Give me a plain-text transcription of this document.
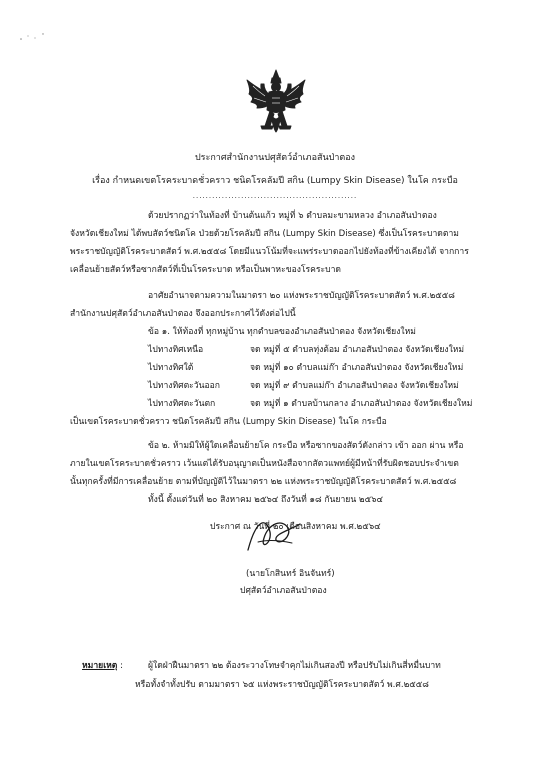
ประกาศสำนักงานปศุสัตว์อำเภอสันป่าตอง
เรื่อง กำหนดเขตโรคระบาดชั่วคราว ชนิดโรคลัมปี สกิน (Lumpy Skin Disease) ในโค กระบือ
...................................................
ด้วยปรากฏว่าในท้องที่ บ้านต้นแก้ว หมู่ที่ ๖ ตำบลมะขามหลวง อำเภอสันป่าตอง
จังหวัดเชียงใหม่ ได้พบสัตว์ชนิดโค ป่วยด้วยโรคลัมปี สกิน (Lumpy Skin Disease) ซึ่งเป็นโรคระบาดตาม
พระราชบัญญัติโรคระบาดสัตว์ พ.ศ.๒๕๕๘ โดยมีแนวโน้มที่จะแพร่ระบาดออกไปยังท้องที่ข้างเคียงได้ จากการ
เคลื่อนย้ายสัตว์หรือซากสัตว์ที่เป็นโรคระบาด หรือเป็นพาหะของโรคระบาด
อาศัยอำนาจตามความในมาตรา ๒๐ แห่งพระราชบัญญัติโรคระบาดสัตว์ พ.ศ.๒๕๕๘
สำนักงานปศุสัตว์อำเภอสันป่าตอง จึงออกประกาศไว้ดังต่อไปนี้
ข้อ ๑. ให้ท้องที่ ทุกหมู่บ้าน ทุกตำบลของอำเภอสันป่าตอง จังหวัดเชียงใหม่
ไปทางทิศเหนือ	จด หมู่ที่ ๕ ตำบลทุ่งต้อม อำเภอสันป่าตอง จังหวัดเชียงใหม่
ไปทางทิศใต้	จด หมู่ที่ ๑๐ ตำบลแม่ก๊า อำเภอสันป่าตอง จังหวัดเชียงใหม่
ไปทางทิศตะวันออก	จด หมู่ที่ ๙ ตำบลแม่ก๊า อำเภอสันป่าตอง จังหวัดเชียงใหม่
ไปทางทิศตะวันตก	จด หมู่ที่ ๑ ตำบลบ้านกลาง อำเภอสันป่าตอง จังหวัดเชียงใหม่
เป็นเขตโรคระบาดชั่วคราว ชนิดโรคลัมปี สกิน (Lumpy Skin Disease) ในโค กระบือ
ข้อ ๒. ห้ามมิให้ผู้ใดเคลื่อนย้ายโค กระบือ หรือซากของสัตว์ดังกล่าว เข้า ออก ผ่าน หรือ
ภายในเขตโรคระบาดชั่วคราว เว้นแต่ได้รับอนุญาตเป็นหนังสือจากสัตวแพทย์ผู้มีหน้าที่รับผิดชอบประจำเขต
นั้นทุกครั้งที่มีการเคลื่อนย้าย ตามที่บัญญัติไว้ในมาตรา ๒๒ แห่งพระราชบัญญัติโรคระบาดสัตว์ พ.ศ.๒๕๕๘
ทั้งนี้ ตั้งแต่วันที่ ๒๐ สิงหาคม ๒๕๖๔ ถึงวันที่ ๑๘ กันยายน ๒๕๖๔
ประกาศ ณ วันที่ ๒๐ เดือนสิงหาคม พ.ศ.๒๕๖๔
(นายโกสินทร์ อินจันทร์)
ปศุสัตว์อำเภอสันป่าตอง
หมายเหตุ :	ผู้ใดฝ่าฝืนมาตรา ๒๒ ต้องระวางโทษจำคุกไม่เกินสองปี หรือปรับไม่เกินสี่หมื่นบาท
หรือทั้งจำทั้งปรับ ตามมาตรา ๖๕ แห่งพระราชบัญญัติโรคระบาดสัตว์ พ.ศ.๒๕๕๘
